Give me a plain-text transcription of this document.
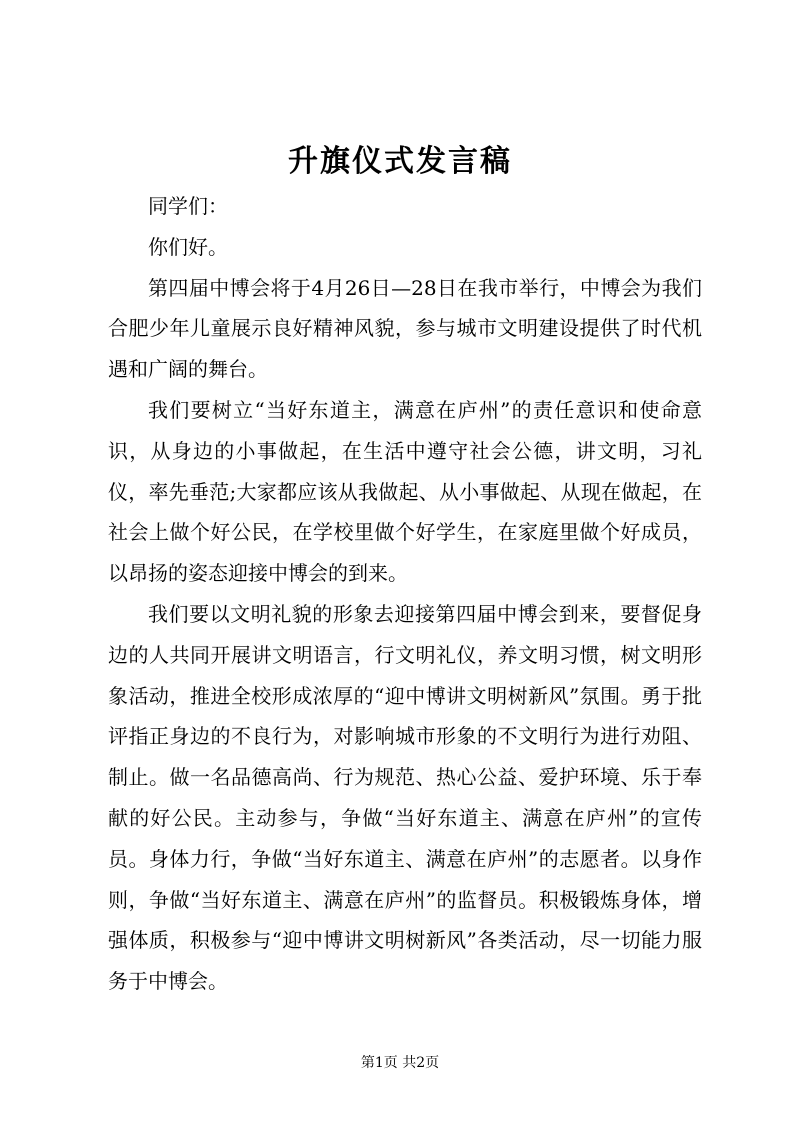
升旗仪式发言稿

同学们：

你们好。

第四届中博会将于4月26日—28日在我市举行，中博会为我们合肥少年儿童展示良好精神风貌，参与城市文明建设提供了时代机遇和广阔的舞台。

我们要树立“当好东道主，满意在庐州”的责任意识和使命意识，从身边的小事做起，在生活中遵守社会公德，讲文明，习礼仪，率先垂范;大家都应该从我做起、从小事做起、从现在做起，在社会上做个好公民，在学校里做个好学生，在家庭里做个好成员，以昂扬的姿态迎接中博会的到来。

我们要以文明礼貌的形象去迎接第四届中博会到来，要督促身边的人共同开展讲文明语言，行文明礼仪，养文明习惯，树文明形象活动，推进全校形成浓厚的“迎中博讲文明树新风”氛围。勇于批评指正身边的不良行为，对影响城市形象的不文明行为进行劝阻、制止。做一名品德高尚、行为规范、热心公益、爱护环境、乐于奉献的好公民。主动参与，争做“当好东道主、满意在庐州”的宣传员。身体力行，争做“当好东道主、满意在庐州”的志愿者。以身作则，争做“当好东道主、满意在庐州”的监督员。积极锻炼身体，增强体质，积极参与“迎中博讲文明树新风”各类活动，尽一切能力服务于中博会。

第1页 共2页
